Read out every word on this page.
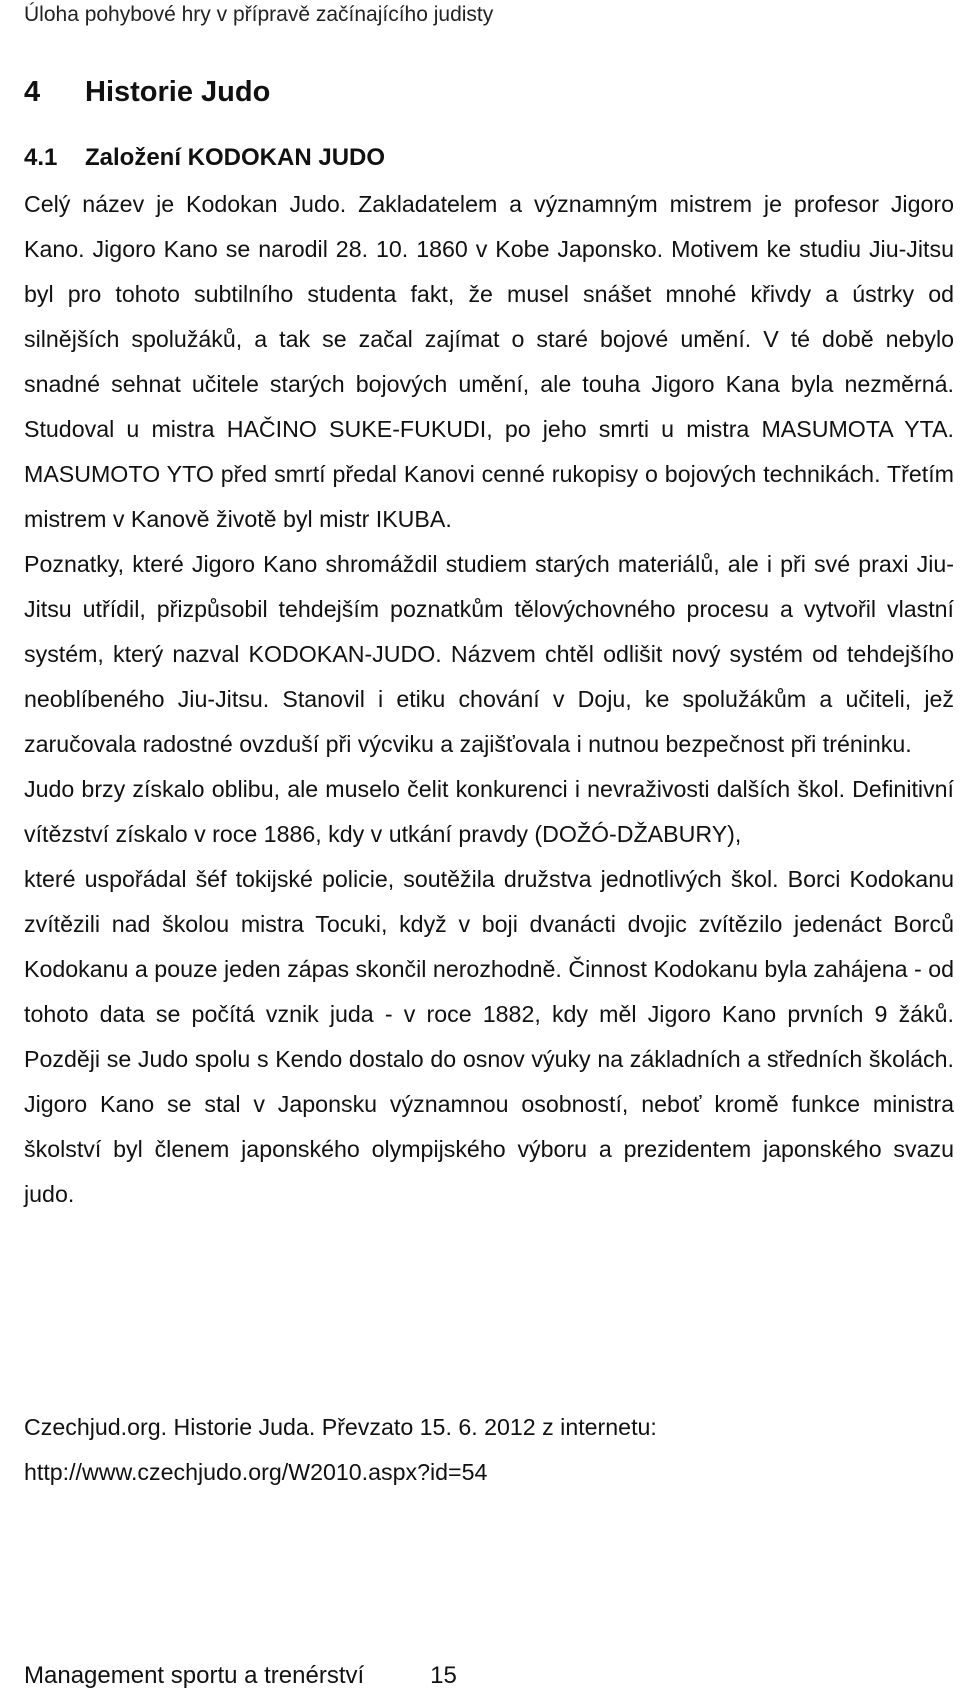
Úloha pohybové hry v přípravě začínajícího judisty
4 Historie Judo
4.1 Založení KODOKAN JUDO

Celý název je Kodokan Judo. Zakladatelem a významným mistrem je profesor Jigoro Kano. Jigoro Kano se narodil 28. 10. 1860 v Kobe Japonsko. Motivem ke studiu Jiu-Jitsu byl pro tohoto subtilního studenta fakt, že musel snášet mnohé křivdy a ústrky od silnějších spolužáků, a tak se začal zajímat o staré bojové umění. V té době nebylo snadné sehnat učitele starých bojových umění, ale touha Jigoro Kana byla nezměrná. Studoval u mistra HAČINO SUKE-FUKUDI, po jeho smrti u mistra MASUMOTA YTA. MASUMOTO YTO před smrtí předal Kanovi cenné rukopisy o bojových technikách. Třetím mistrem v Kanově životě byl mistr IKUBA.

Poznatky, které Jigoro Kano shromáždil studiem starých materiálů, ale i při své praxi Jiu-Jitsu utřídil, přizpůsobil tehdejším poznatkům tělovýchovného procesu a vytvořil vlastní systém, který nazval KODOKAN-JUDO. Názvem chtěl odlišit nový systém od tehdejšího neoblíbeného Jiu-Jitsu. Stanovil i etiku chování v Doju, ke spolužákům a učiteli, jež zaručovala radostné ovzduší při výcviku a zajišťovala i nutnou bezpečnost při tréninku.

Judo brzy získalo oblibu, ale muselo čelit konkurenci i nevraživosti dalších škol. Definitivní vítězství získalo v roce 1886, kdy v utkání pravdy (DOŽÓ-DŽABURY),

které uspořádal šéf tokijské policie, soutěžila družstva jednotlivých škol. Borci Kodokanu zvítězili nad školou mistra Tocuki, když v boji dvanácti dvojic zvítězilo jedenáct Borců Kodokanu a pouze jeden zápas skončil nerozhodně. Činnost Kodokanu byla zahájena - od tohoto data se počítá vznik juda - v roce 1882, kdy měl Jigoro Kano prvních 9 žáků. Později se Judo spolu s Kendo dostalo do osnov výuky na základních a středních školách. Jigoro Kano se stal v Japonsku významnou osobností, neboť kromě funkce ministra školství byl členem japonského olympijského výboru a prezidentem japonského svazu judo.

Czechjud.org. Historie Juda. Převzato 15. 6. 2012 z internetu:
http://www.czechjudo.org/W2010.aspx?id=54
Management sportu a trenérství	15
